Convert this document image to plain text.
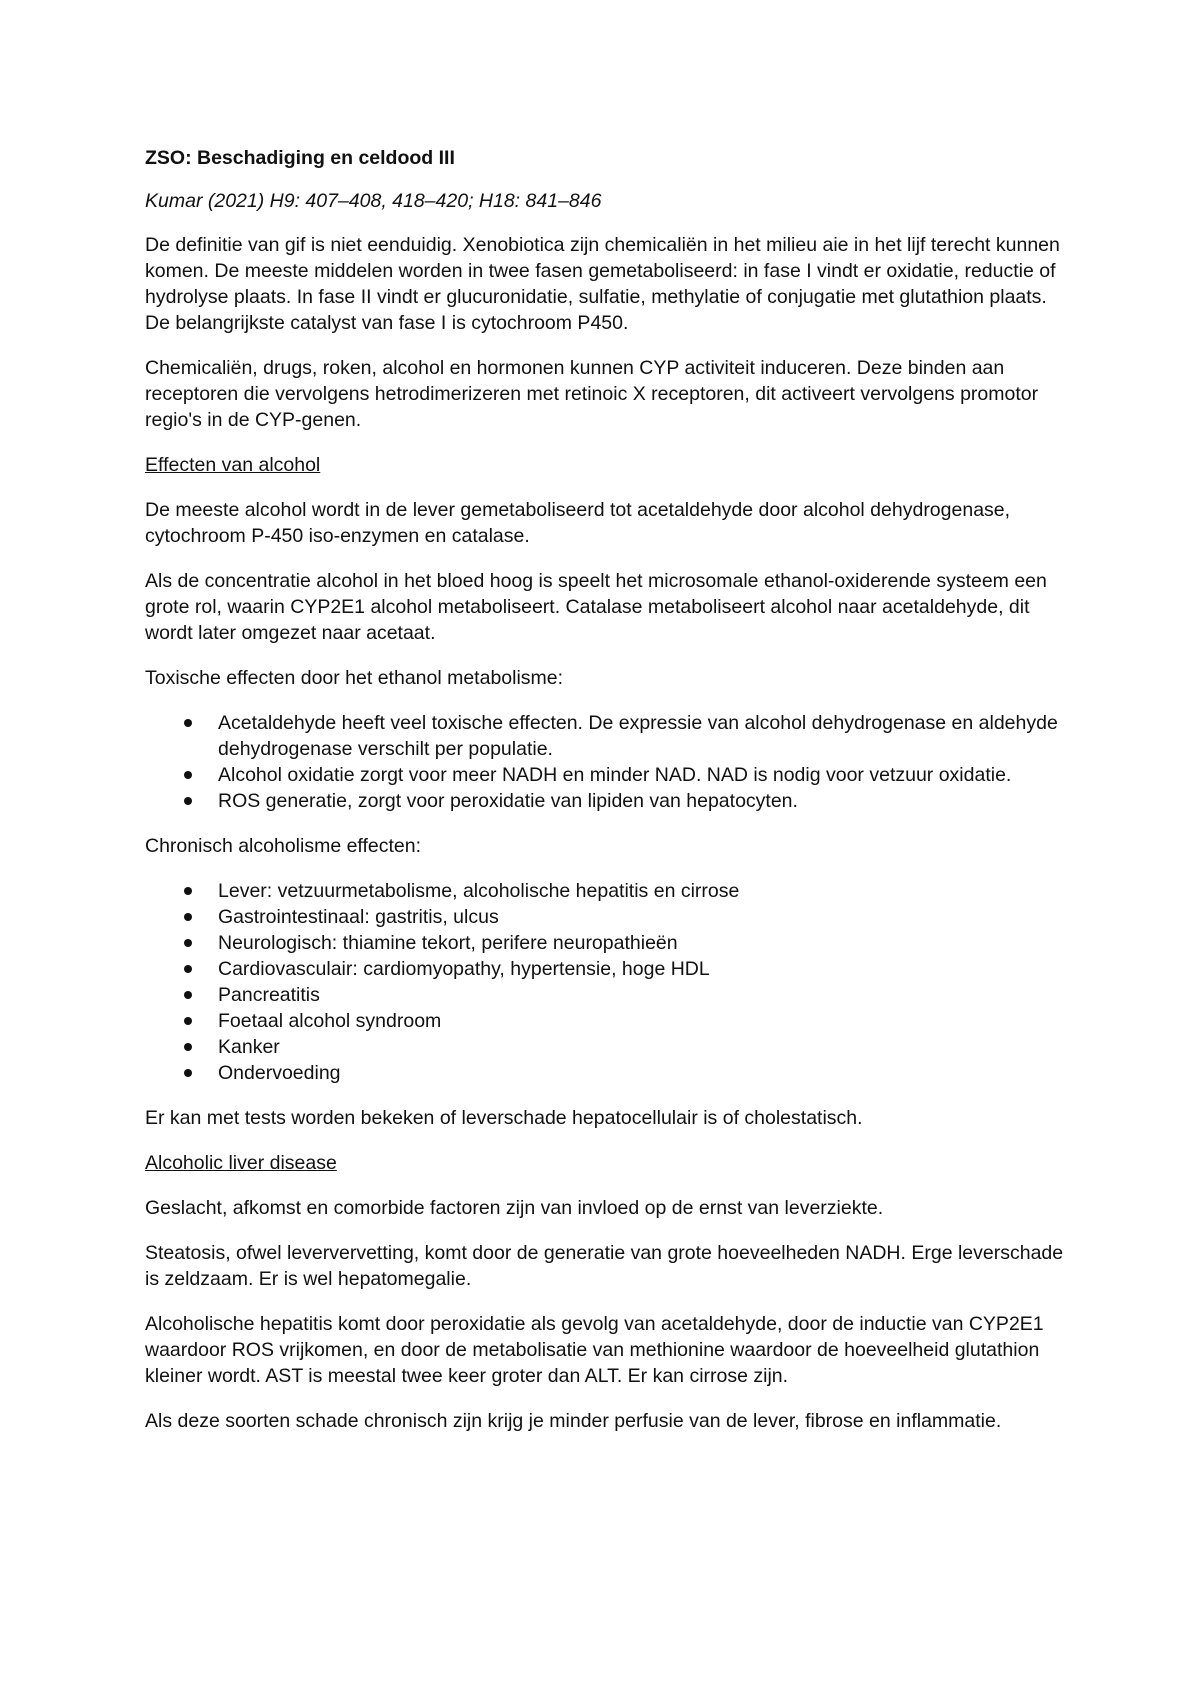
ZSO: Beschadiging en celdood III
Kumar (2021) H9: 407–408, 418–420; H18: 841–846

De definitie van gif is niet eenduidig. Xenobiotica zijn chemicaliën in het milieu aie in het lijf terecht kunnen komen. De meeste middelen worden in twee fasen gemetaboliseerd: in fase I vindt er oxidatie, reductie of hydrolyse plaats. In fase II vindt er glucuronidatie, sulfatie, methylatie of conjugatie met glutathion plaats. De belangrijkste catalyst van fase I is cytochroom P450.

Chemicaliën, drugs, roken, alcohol en hormonen kunnen CYP activiteit induceren. Deze binden aan receptoren die vervolgens hetrodimerizeren met retinoic X receptoren, dit activeert vervolgens promotor regio's in de CYP-genen.

Effecten van alcohol

De meeste alcohol wordt in de lever gemetaboliseerd tot acetaldehyde door alcohol dehydrogenase, cytochroom P-450 iso-enzymen en catalase.

Als de concentratie alcohol in het bloed hoog is speelt het microsomale ethanol-oxiderende systeem een grote rol, waarin CYP2E1 alcohol metaboliseert. Catalase metaboliseert alcohol naar acetaldehyde, dit wordt later omgezet naar acetaat.

Toxische effecten door het ethanol metabolisme:

Acetaldehyde heeft veel toxische effecten. De expressie van alcohol dehydrogenase en aldehyde dehydrogenase verschilt per populatie.
Alcohol oxidatie zorgt voor meer NADH en minder NAD. NAD is nodig voor vetzuur oxidatie.
ROS generatie, zorgt voor peroxidatie van lipiden van hepatocyten.

Chronisch alcoholisme effecten:

Lever: vetzuurmetabolisme, alcoholische hepatitis en cirrose
Gastrointestinaal: gastritis, ulcus
Neurologisch: thiamine tekort, perifere neuropathieën
Cardiovasculair: cardiomyopathy, hypertensie, hoge HDL
Pancreatitis
Foetaal alcohol syndroom
Kanker
Ondervoeding

Er kan met tests worden bekeken of leverschade hepatocellulair is of cholestatisch.

Alcoholic liver disease

Geslacht, afkomst en comorbide factoren zijn van invloed op de ernst van leverziekte.

Steatosis, ofwel leververvetting, komt door de generatie van grote hoeveelheden NADH. Erge leverschade is zeldzaam. Er is wel hepatomegalie.

Alcoholische hepatitis komt door peroxidatie als gevolg van acetaldehyde, door de inductie van CYP2E1 waardoor ROS vrijkomen, en door de metabolisatie van methionine waardoor de hoeveelheid glutathion kleiner wordt. AST is meestal twee keer groter dan ALT. Er kan cirrose zijn.

Als deze soorten schade chronisch zijn krijg je minder perfusie van de lever, fibrose en inflammatie.
